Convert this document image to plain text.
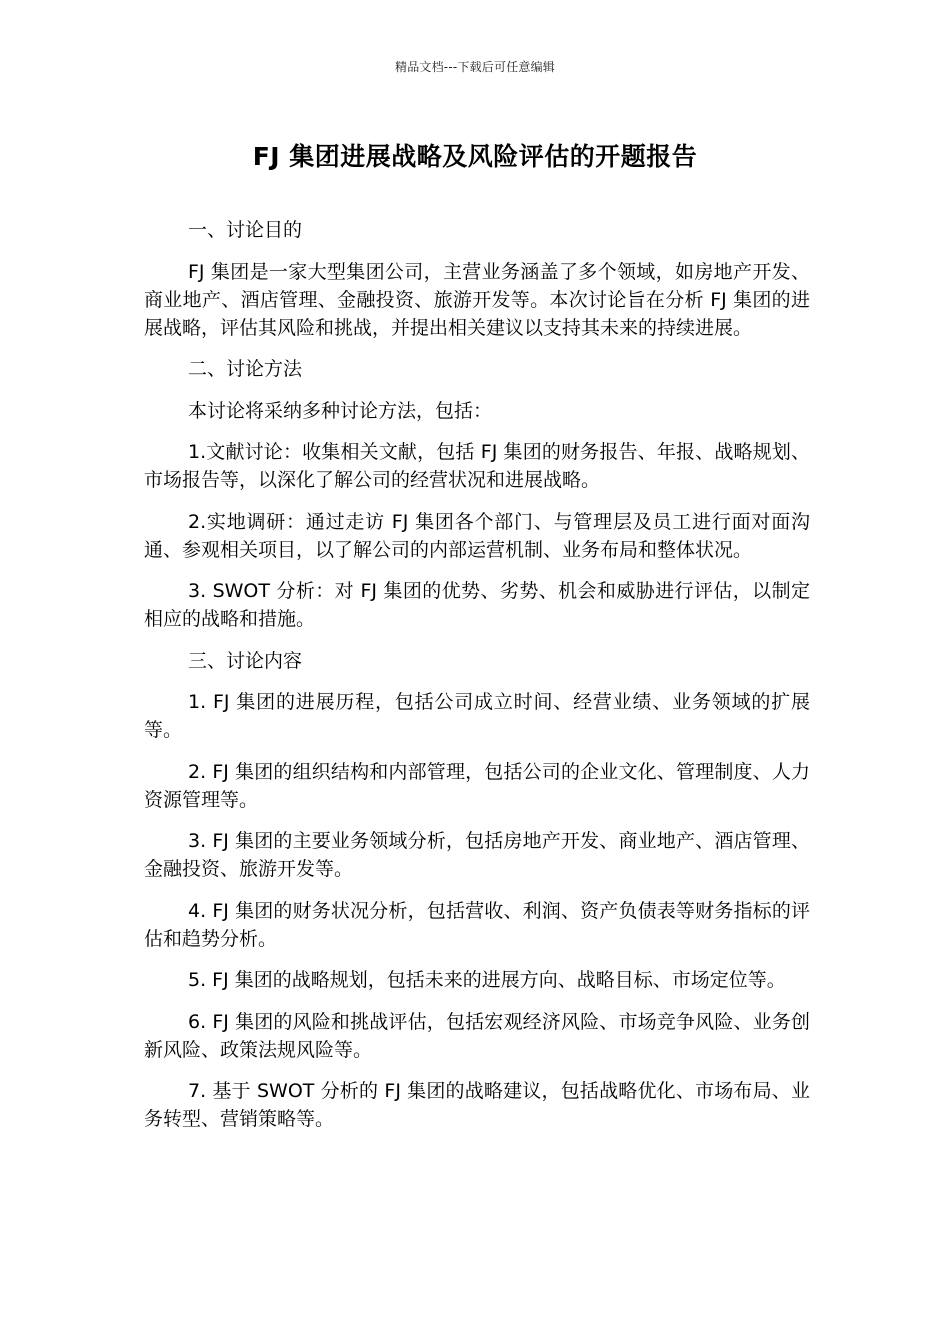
精品文档---下载后可任意编辑
FJ 集团进展战略及风险评估的开题报告

一、讨论目的

FJ 集团是一家大型集团公司，主营业务涵盖了多个领域，如房地产开发、商业地产、酒店管理、金融投资、旅游开发等。本次讨论旨在分析 FJ 集团的进展战略，评估其风险和挑战，并提出相关建议以支持其未来的持续进展。

二、讨论方法

本讨论将采纳多种讨论方法，包括：

1.文献讨论：收集相关文献，包括 FJ 集团的财务报告、年报、战略规划、市场报告等，以深化了解公司的经营状况和进展战略。

2.实地调研：通过走访 FJ 集团各个部门、与管理层及员工进行面对面沟通、参观相关项目，以了解公司的内部运营机制、业务布局和整体状况。

3. SWOT 分析：对 FJ 集团的优势、劣势、机会和威胁进行评估，以制定相应的战略和措施。

三、讨论内容

1. FJ 集团的进展历程，包括公司成立时间、经营业绩、业务领域的扩展等。

2. FJ 集团的组织结构和内部管理，包括公司的企业文化、管理制度、人力资源管理等。

3. FJ 集团的主要业务领域分析，包括房地产开发、商业地产、酒店管理、金融投资、旅游开发等。

4. FJ 集团的财务状况分析，包括营收、利润、资产负债表等财务指标的评估和趋势分析。

5. FJ 集团的战略规划，包括未来的进展方向、战略目标、市场定位等。

6. FJ 集团的风险和挑战评估，包括宏观经济风险、市场竞争风险、业务创新风险、政策法规风险等。

7. 基于 SWOT 分析的 FJ 集团的战略建议，包括战略优化、市场布局、业务转型、营销策略等。
